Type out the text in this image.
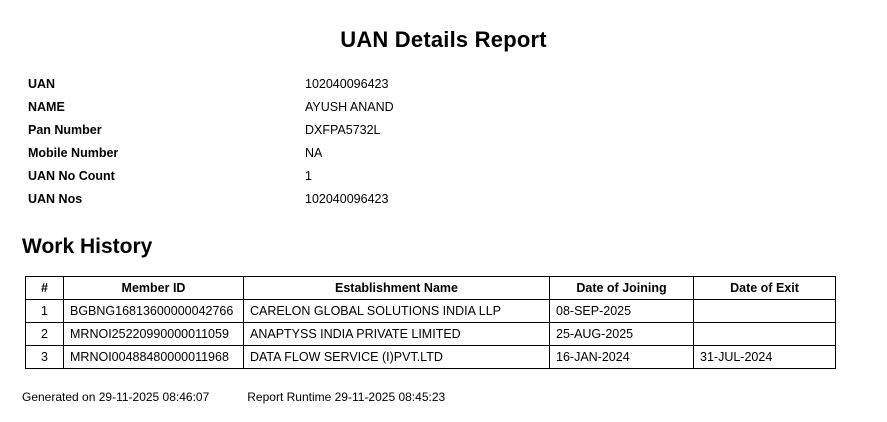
UAN Details Report
UAN	102040096423
NAME	AYUSH ANAND
Pan Number	DXFPA5732L
Mobile Number	NA
UAN No Count	1
UAN Nos	102040096423
Work History
#	Member ID	Establishment Name	Date of Joining	Date of Exit
1	BGBNG16813600000042766	CARELON GLOBAL SOLUTIONS INDIA LLP	08-SEP-2025	
2	MRNOI25220990000011059	ANAPTYSS INDIA PRIVATE LIMITED	25-AUG-2025	
3	MRNOI00488480000011968	DATA FLOW SERVICE (I)PVT.LTD	16-JAN-2024	31-JUL-2024
Generated on 29-11-2025 08:46:07	Report Runtime 29-11-2025 08:45:23
